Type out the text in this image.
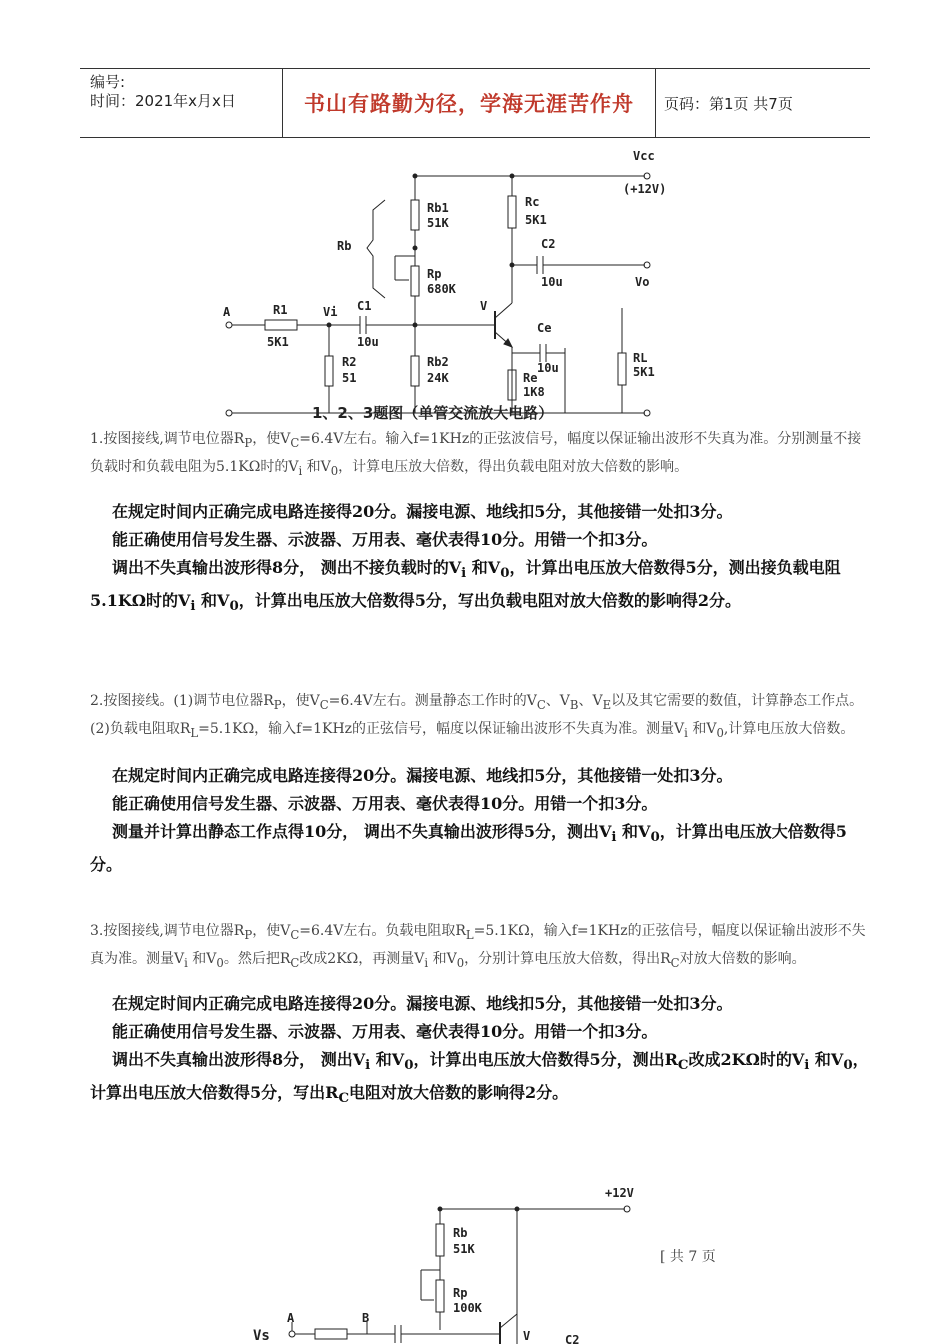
编号:
时间：2021年x月x日	书山有路勤为径，学海无涯苦作舟 页码：第1页 共7页
Vcc
(+12V)
Rb1
51K
Rb
Rp
680K
Rc
5K1
C2
10u	Vo
A	R1
5K1
Vi C1
10u
V
Ce
10u
R2
51
Rb2
24K	Re
1K8
RL
5K1
1、2、3题图（单管交流放大电路）
1.按图接线,调节电位器$R_P$，使$V_C=6.4V$左右。输入f=1KHz的正弦波信号，幅度以保证输出波形不失真为准。分别测量不接负载时和负载电阻为5.1KΩ时的$V_i$ 和$V_0$，计算电压放大倍数，得出负载电阻对放大倍数的影响。
在规定时间内正确完成电路连接得20分。漏接电源、地线扣5分，其他接错一处扣3分。
能正确使用信号发生器、示波器、万用表、毫伏表得10分。用错一个扣3分。
调出不失真输出波形得8分， 测出不接负载时的$V_i$ 和$V_0$，计算出电压放大倍数得5分，测出接负载电阻5.1KΩ时的$V_i$ 和$V_0$，计算出电压放大倍数得5分，写出负载电阻对放大倍数的影响得2分。
2.按图接线。(1)调节电位器$R_P$，使$V_C=6.4V$左右。测量静态工作时的$V_C$、$V_B$、$V_E$以及其它需要的数值，计算静态工作点。(2)负载电阻取$R_L=5.1K\Omega$，输入f=1KHz的正弦信号，幅度以保证输出波形不失真为准。测量$V_i$ 和$V_0$,计算电压放大倍数。
在规定时间内正确完成电路连接得20分。漏接电源、地线扣5分，其他接错一处扣3分。
能正确使用信号发生器、示波器、万用表、毫伏表得10分。用错一个扣3分。
测量并计算出静态工作点得10分， 调出不失真输出波形得5分，测出$V_i$ 和$V_0$，计算出电压放大倍数得5分。
3.按图接线,调节电位器$R_P$，使$V_C=6.4V$左右。负载电阻取$R_L=5.1K\Omega$，输入f=1KHz的正弦信号，幅度以保证输出波形不失真为准。测量$V_i$ 和$V_0$。然后把$R_C$改成2KΩ，再测量$V_i$ 和$V_0$，分别计算电压放大倍数，得出$R_C$对放大倍数的影响。
在规定时间内正确完成电路连接得20分。漏接电源、地线扣5分，其他接错一处扣3分。
能正确使用信号发生器、示波器、万用表、毫伏表得10分。用错一个扣3分。
调出不失真输出波形得8分， 测出$V_i$ 和$V_0$，计算出电压放大倍数得5分，测出$R_C$改成2KΩ时的$V_i$ 和$V_0$，计算出电压放大倍数得5分，写出$R_C$电阻对放大倍数的影响得2分。
+12V
Rb
51K
Rp
100K
A	B
Vs	V	C2
[ 共 7 页
